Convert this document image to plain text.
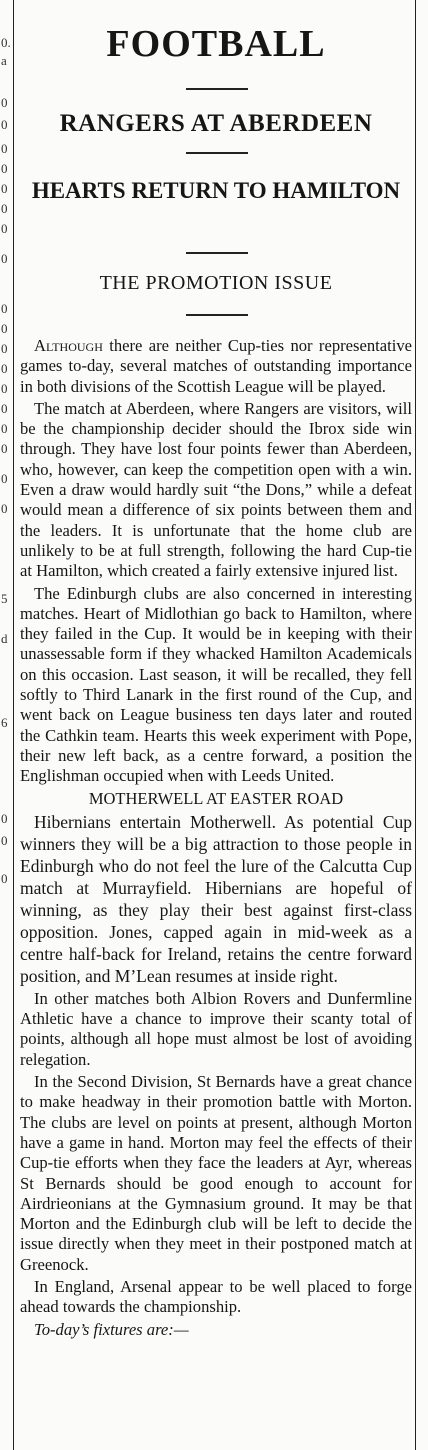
0.
a
0
0
0
0
0
0
0
0
0
0
0
0
0
0
0
0
0
0
5
d
6
0
0
0
FOOTBALL
RANGERS AT ABERDEEN
HEARTS RETURN TO HAMILTON
THE PROMOTION ISSUE

Although there are neither Cup-ties nor representative games to-day, several matches of outstanding importance in both divisions of the Scottish League will be played.

The match at Aberdeen, where Rangers are visitors, will be the championship decider should the Ibrox side win through. They have lost four points fewer than Aberdeen, who, however, can keep the competition open with a win. Even a draw would hardly suit “the Dons,” while a defeat would mean a difference of six points between them and the leaders. It is unfortunate that the home club are unlikely to be at full strength, following the hard Cup-tie at Hamilton, which created a fairly extensive injured list.

The Edinburgh clubs are also concerned in interesting matches. Heart of Midlothian go back to Hamilton, where they failed in the Cup. It would be in keeping with their unassessable form if they whacked Hamilton Academicals on this occasion. Last season, it will be recalled, they fell softly to Third Lanark in the first round of the Cup, and went back on League business ten days later and routed the Cathkin team. Hearts this week experiment with Pope, their new left back, as a centre forward, a position the Englishman occupied when with Leeds United.

MOTHERWELL AT EASTER ROAD

Hibernians entertain Motherwell. As potential Cup winners they will be a big attraction to those people in Edinburgh who do not feel the lure of the Calcutta Cup match at Murrayfield. Hibernians are hopeful of winning, as they play their best against first-class opposition. Jones, capped again in mid-week as a centre half-back for Ireland, retains the centre forward position, and M’Lean resumes at inside right.

In other matches both Albion Rovers and Dunfermline Athletic have a chance to improve their scanty total of points, although all hope must almost be lost of avoiding relegation.

In the Second Division, St Bernards have a great chance to make headway in their promotion battle with Morton. The clubs are level on points at present, although Morton have a game in hand. Morton may feel the effects of their Cup-tie efforts when they face the leaders at Ayr, whereas St Bernards should be good enough to account for Airdrieonians at the Gymnasium ground. It may be that Morton and the Edinburgh club will be left to decide the issue directly when they meet in their postponed match at Greenock.

In England, Arsenal appear to be well placed to forge ahead towards the championship.

To-day’s fixtures are:—
